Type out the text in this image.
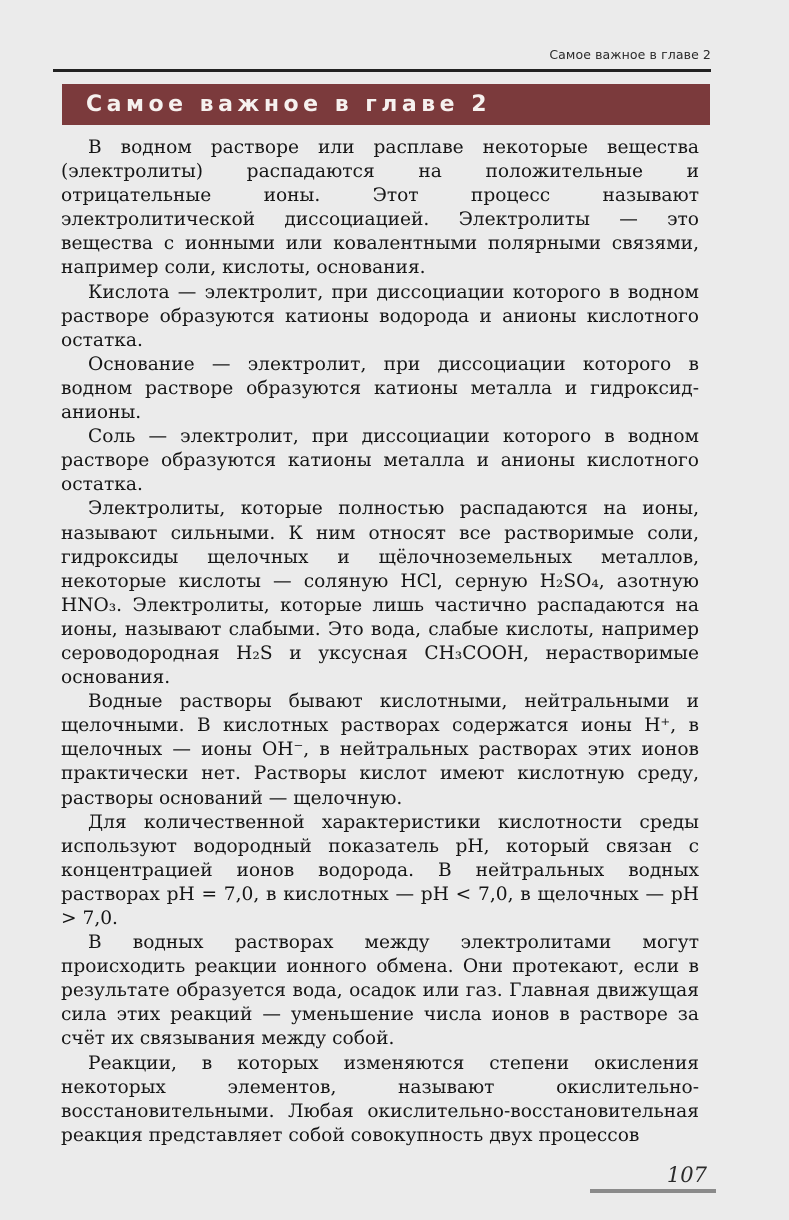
Самое важное в главе 2
Самое важное в главе 2

В водном растворе или расплаве некоторые вещества (электролиты) распадаются на положительные и отрицательные ионы. Этот процесс называют электролитической диссоциацией. Электролиты — это вещества с ионными или ковалентными полярными связями, например соли, кислоты, основания.

Кислота — электролит, при диссоциации которого в водном растворе образуются катионы водорода и анионы кислотного остатка.

Основание — электролит, при диссоциации которого в водном растворе образуются катионы металла и гидроксид-анионы.

Соль — электролит, при диссоциации которого в водном растворе образуются катионы металла и анионы кислотного остатка.

Электролиты, которые полностью распадаются на ионы, называют сильными. К ним относят все растворимые соли, гидроксиды щелочных и щёлочноземельных металлов, некоторые кислоты — соляную HCl, серную H₂SO₄, азотную HNO₃. Электролиты, которые лишь частично распадаются на ионы, называют слабыми. Это вода, слабые кислоты, например сероводородная H₂S и уксусная CH₃COOH, нерастворимые основания.

Водные растворы бывают кислотными, нейтральными и щелочными. В кислотных растворах содержатся ионы H⁺, в щелочных — ионы OH⁻, в нейтральных растворах этих ионов практически нет. Растворы кислот имеют кислотную среду, растворы оснований — щелочную.

Для количественной характеристики кислотности среды используют водородный показатель pH, который связан с концентрацией ионов водорода. В нейтральных водных растворах pH = 7,0, в кислотных — pH < 7,0, в щелочных — pH > 7,0.

В водных растворах между электролитами могут происходить реакции ионного обмена. Они протекают, если в результате образуется вода, осадок или газ. Главная движущая сила этих реакций — уменьшение числа ионов в растворе за счёт их связывания между собой.

Реакции, в которых изменяются степени окисления некоторых элементов, называют окислительно-восстановительными. Любая окислительно-восстановительная реакция представляет собой совокупность двух процессов

107
